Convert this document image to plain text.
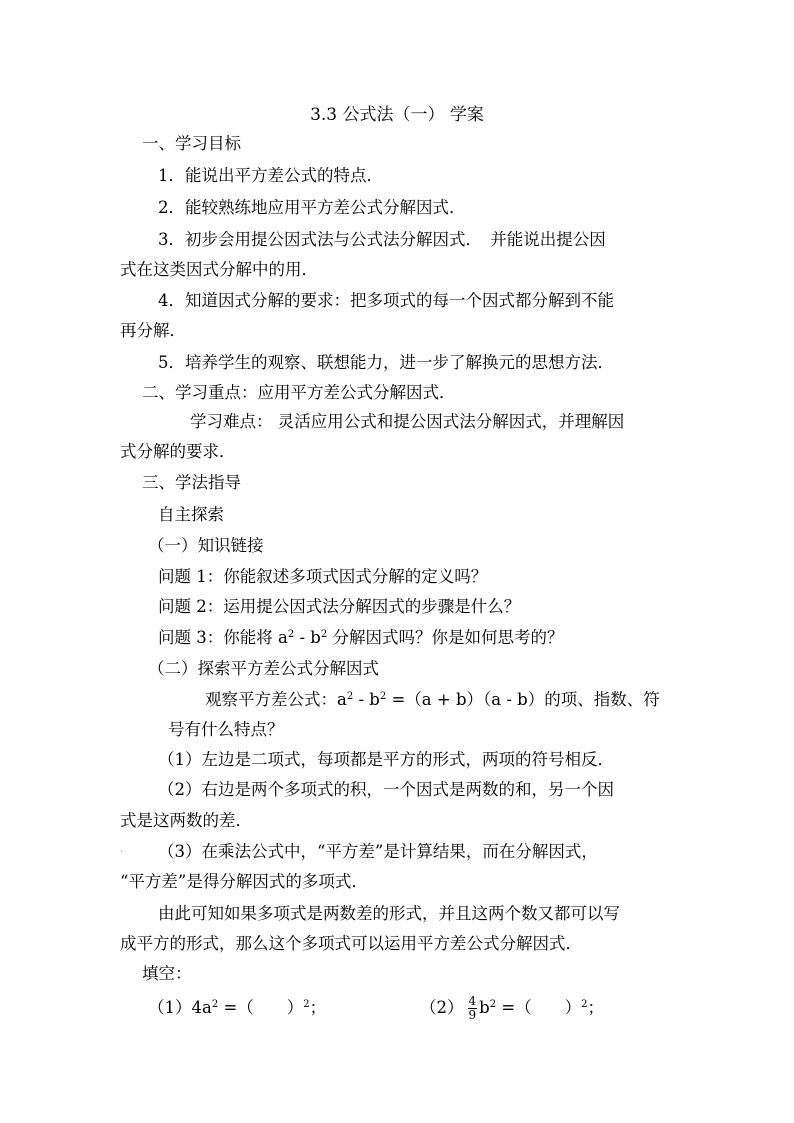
3.3 公式法（一） 学案
一、学习目标
1．能说出平方差公式的特点．
2．能较熟练地应用平方差公式分解因式．
3．初步会用提公因式法与公式法分解因式．　并能说出提公因
式在这类因式分解中的用．
4．知道因式分解的要求：把多项式的每一个因式都分解到不能
再分解．
5．培养学生的观察、联想能力，进一步了解换元的思想方法．
二、学习重点：应用平方差公式分解因式．
学习难点： 灵活应用公式和提公因式法分解因式，并理解因
式分解的要求．
三、学法指导
自主探索
（一）知识链接
问题 1：你能叙述多项式因式分解的定义吗？
问题 2：运用提公因式法分解因式的步骤是什么？
问题 3：你能将 $a^2 - b^2$ 分解因式吗？你是如何思考的？
（二）探索平方差公式分解因式
观察平方差公式：$a^2 - b^2 =(a + b)(a - b)$的项、指数、符
号有什么特点？
（1）左边是二项式，每项都是平方的形式，两项的符号相反．
（2）右边是两个多项式的积，一个因式是两数的和，另一个因
式是这两数的差．
. （3）在乘法公式中，“平方差”是计算结果，而在分解因式，
“平方差”是得分解因式的多项式．
由此可知如果多项式是两数差的形式，并且这两个数又都可以写
成平方的形式，那么这个多项式可以运用平方差公式分解因式．
填空：
$(1)4a^2$ =（　　）$^2$；	$(2) \frac{4}{9} b^2$ =（　　）$^2$；
